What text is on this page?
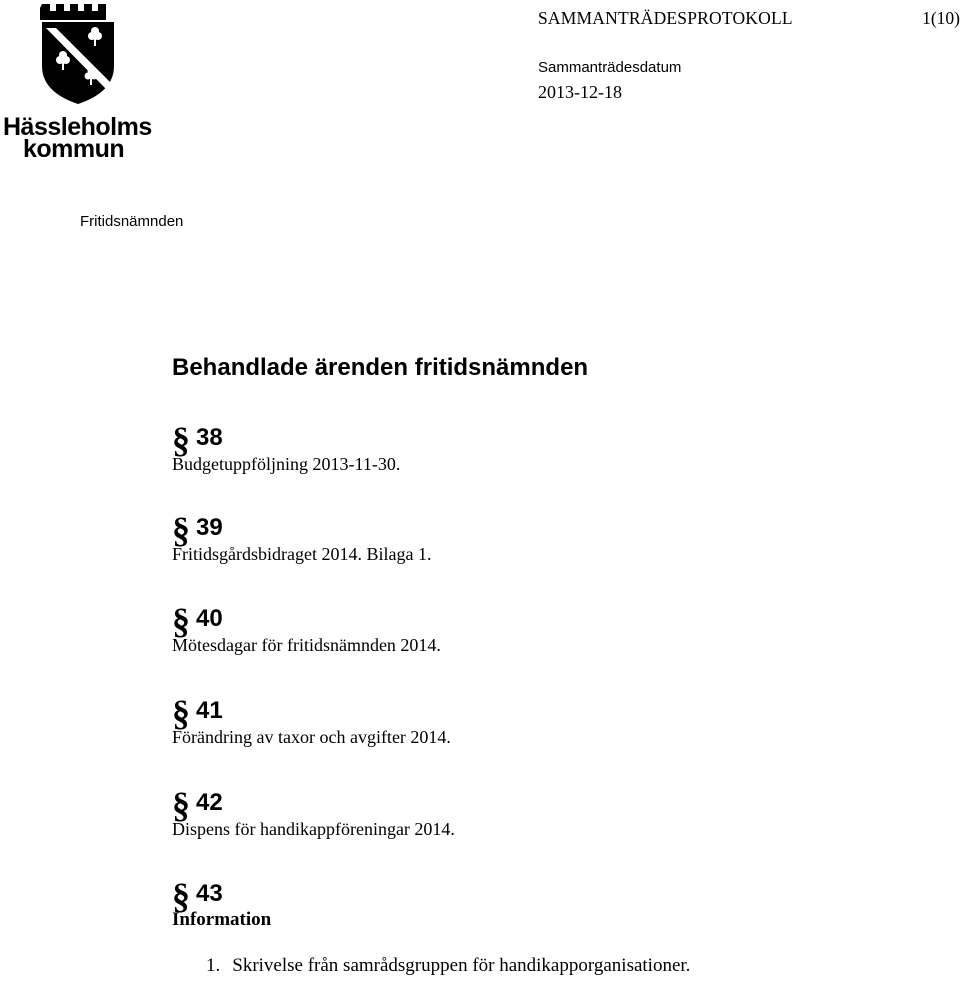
Hässleholms
kommun
SAMMANTRÄDESPROTOKOLL	1(10)
Sammanträdesdatum
2013-12-18
Fritidsnämnden
Behandlade ärenden fritidsnämnden
§ 38
Budgetuppföljning 2013-11-30.
§ 39
Fritidsgårdsbidraget 2014. Bilaga 1.
§ 40
Mötesdagar för fritidsnämnden 2014.
§ 41
Förändring av taxor och avgifter 2014.
§ 42
Dispens för handikappföreningar 2014.
§ 43
Information
1. Skrivelse från samrådsgruppen för handikapporganisationer.
